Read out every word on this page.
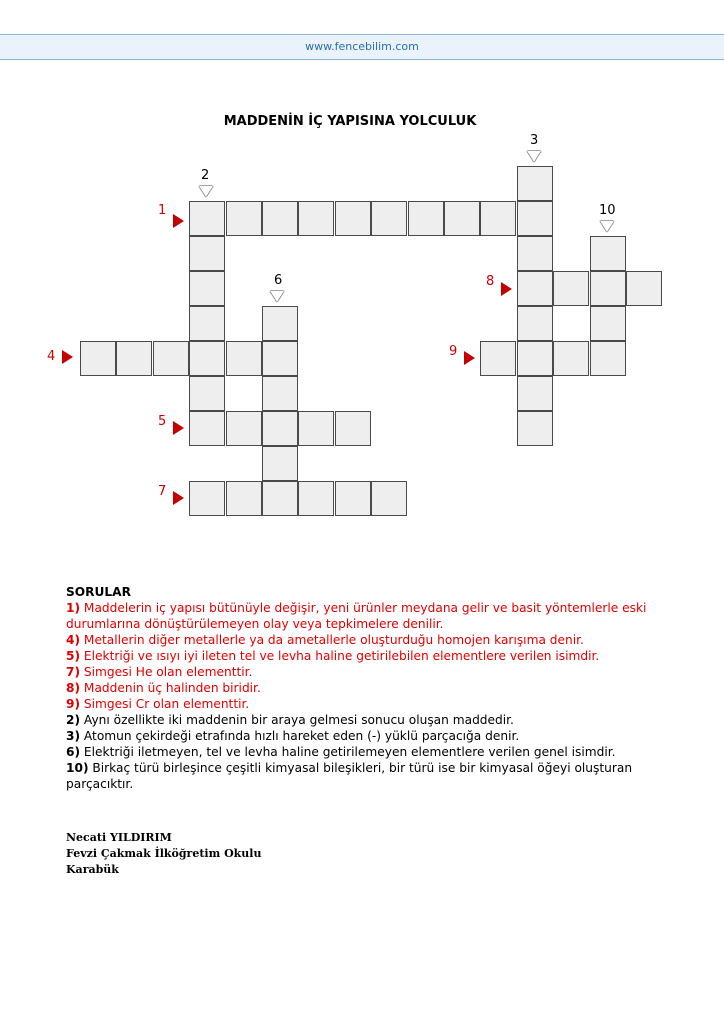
www.fencebilim.com
MADDENİN İÇ YAPISINA YOLCULUK
1
4
5
7
8
9
2
3
6
10

SORULAR

1) Maddelerin iç yapısı bütünüyle değişir, yeni ürünler meydana gelir ve basit yöntemlerle eski durumlarına dönüştürülemeyen olay veya tepkimelere denilir.

4) Metallerin diğer metallerle ya da ametallerle oluşturduğu homojen karışıma denir.

5) Elektriği ve ısıyı iyi ileten tel ve levha haline getirilebilen elementlere verilen isimdir.

7) Simgesi He olan elementtir.

8) Maddenin üç halinden biridir.

9) Simgesi Cr olan elementtir.

2) Aynı özellikte iki maddenin bir araya gelmesi sonucu oluşan maddedir.

3) Atomun çekirdeği etrafında hızlı hareket eden (-) yüklü parçacığa denir.

6) Elektriği iletmeyen, tel ve levha haline getirilemeyen elementlere verilen genel isimdir.

10) Birkaç türü birleşince çeşitli kimyasal bileşikleri, bir türü ise bir kimyasal öğeyi oluşturan parçacıktır.

Necati YILDIRIM
Fevzi Çakmak İlköğretim Okulu
Karabük
